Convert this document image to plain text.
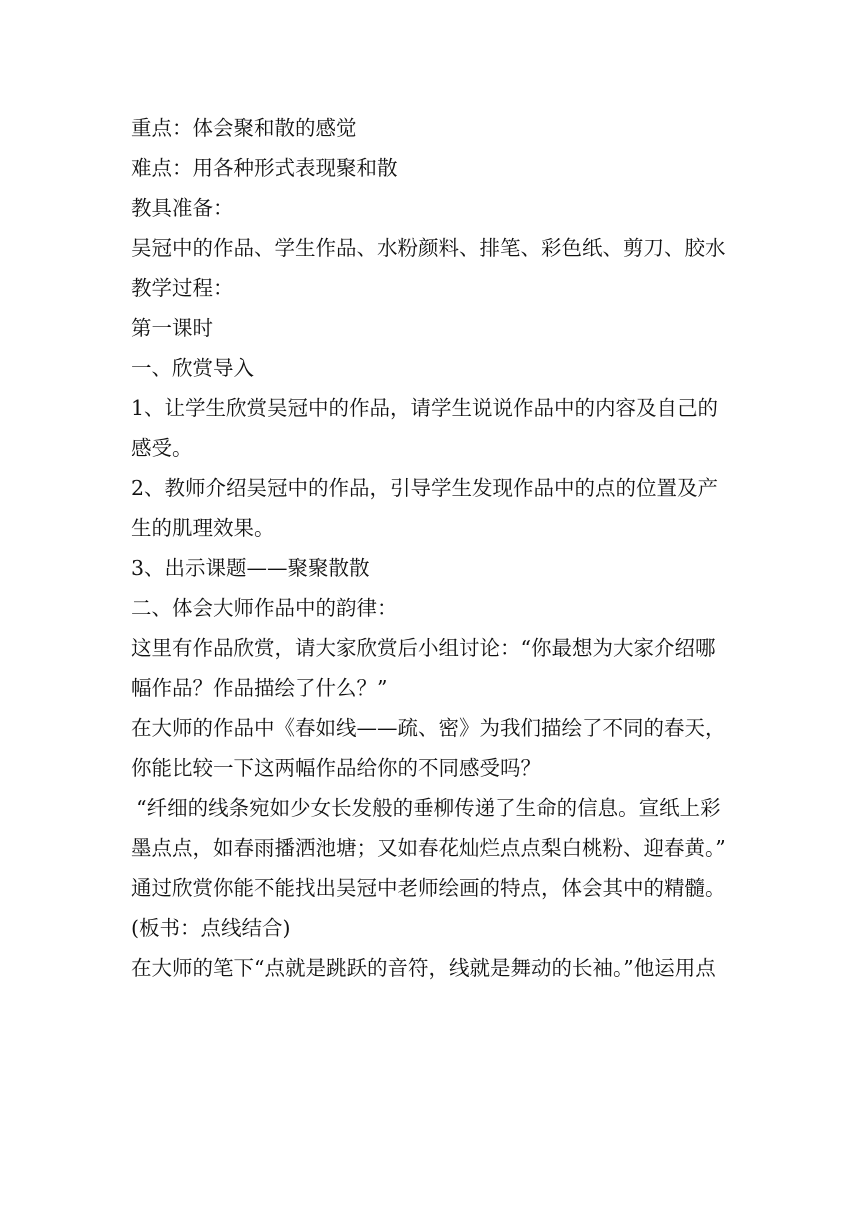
重点：体会聚和散的感觉

难点：用各种形式表现聚和散

教具准备：

吴冠中的作品、学生作品、水粉颜料、排笔、彩色纸、剪刀、胶水

教学过程：

第一课时

一、欣赏导入

1、让学生欣赏吴冠中的作品，请学生说说作品中的内容及自己的感受。

2、教师介绍吴冠中的作品，引导学生发现作品中的点的位置及产生的肌理效果。

3、出示课题——聚聚散散

二、体会大师作品中的韵律：

这里有作品欣赏，请大家欣赏后小组讨论：“你最想为大家介绍哪幅作品？作品描绘了什么？”

在大师的作品中《春如线——疏、密》为我们描绘了不同的春天，你能比较一下这两幅作品给你的不同感受吗？

“纤细的线条宛如少女长发般的垂柳传递了生命的信息。宣纸上彩墨点点，如春雨播洒池塘；又如春花灿烂点点梨白桃粉、迎春黄。”

通过欣赏你能不能找出吴冠中老师绘画的特点，体会其中的精髓。(板书：点线结合)

在大师的笔下“点就是跳跃的音符，线就是舞动的长袖。”他运用点
